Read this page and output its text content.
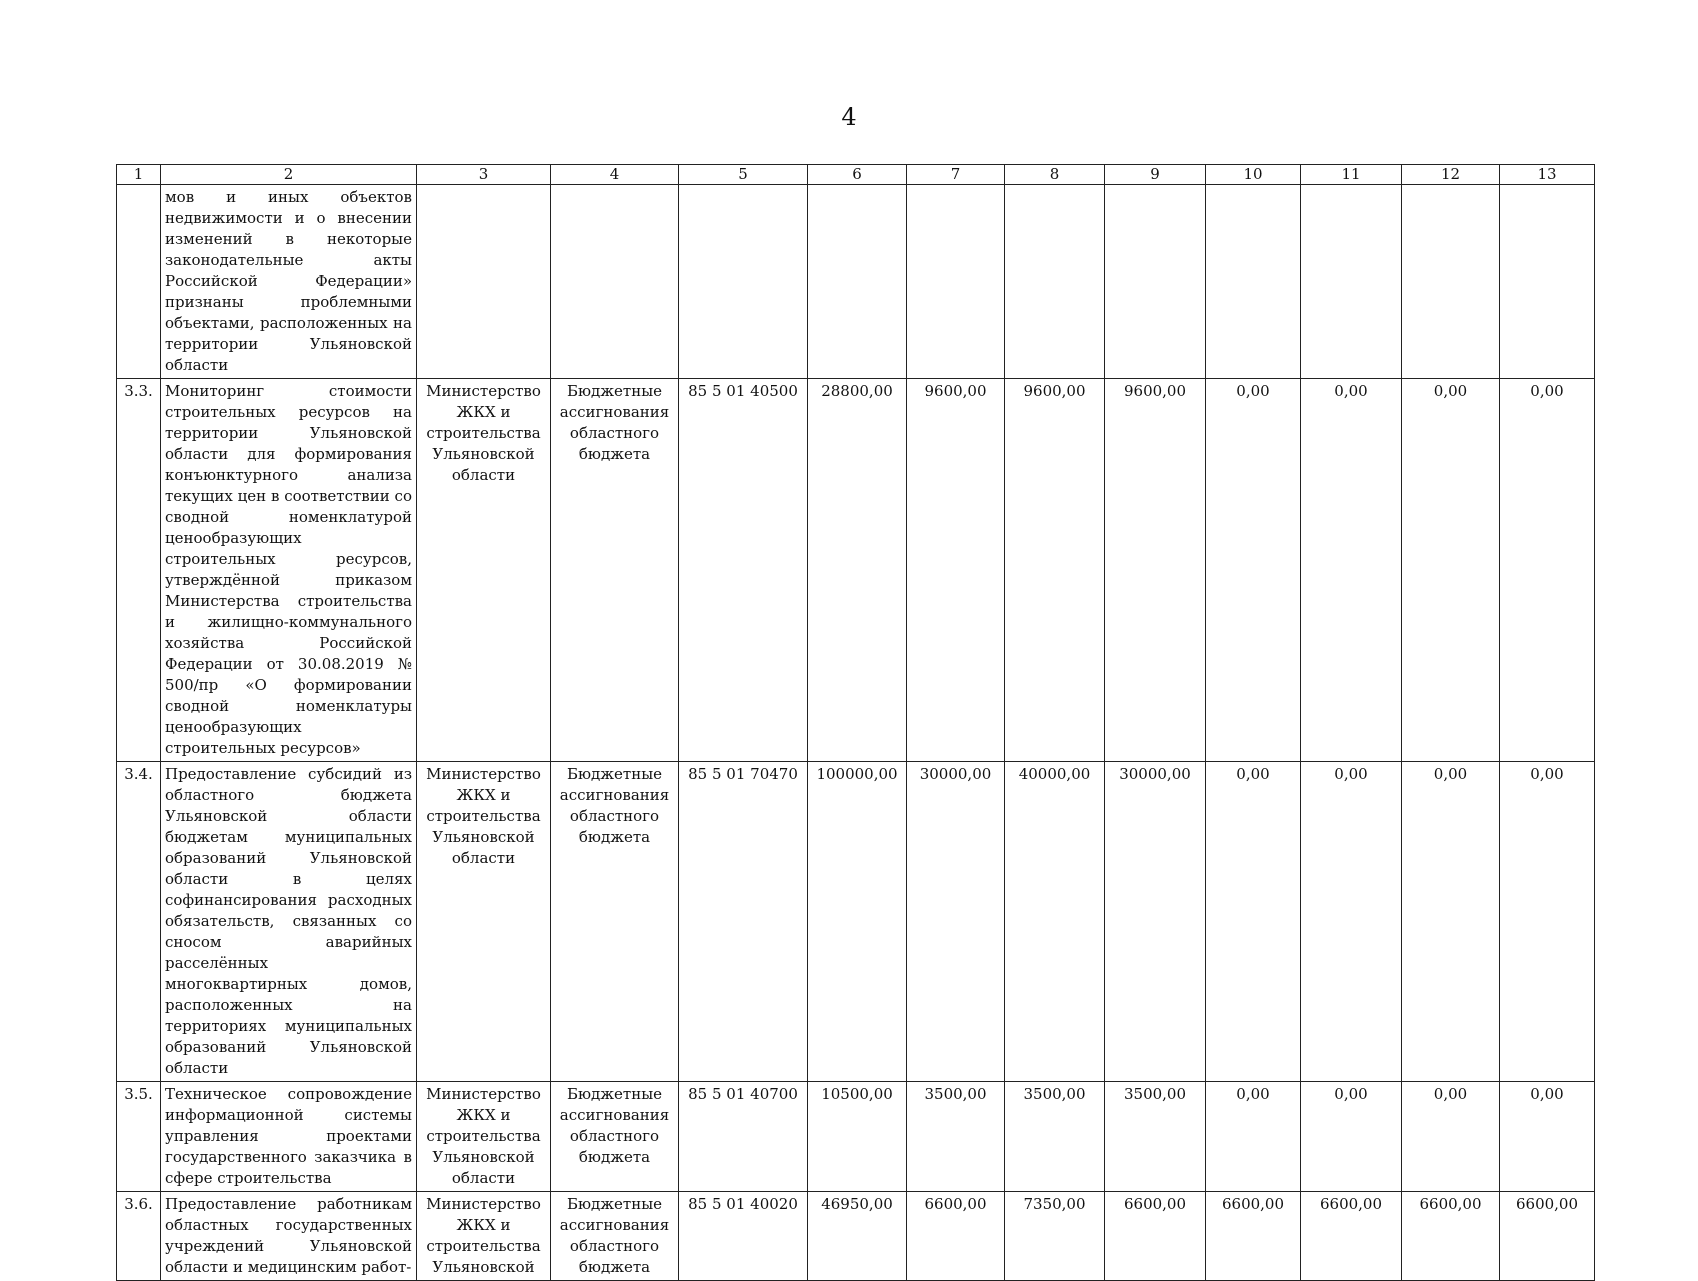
4
1	2	3	4	5	6	7	8	9	10	11	12	13
	мов и иных объектов недвижимости и о внесении изменений в некоторые законодательные акты Российской Федерации» признаны проблемными объектами, расположенных на территории Ульяновской области											
3.3.	Мониторинг стоимости строительных ресурсов на территории Ульяновской области для формирования конъюнктурного анализа текущих цен в соответствии со сводной номенклатурой ценообразующих строительных ресурсов, утверждённой приказом Министерства строительства и жилищно-коммунального хозяйства Российской Федерации от 30.08.2019 № 500/пр «О формировании сводной номенклатуры ценообразующих строительных ресурсов»	Министерство ЖКХ и строительства Ульяновской области	Бюджетные ассигнования областного бюджета	85 5 01 40500	28800,00	9600,00	9600,00	9600,00	0,00	0,00	0,00	0,00
3.4.	Предоставление субсидий из областного бюджета Ульяновской области бюджетам муниципальных образований Ульяновской области в целях софинансирования расходных обязательств, связанных со сносом аварийных расселённых многоквартирных домов, расположенных на территориях муниципальных образований Ульяновской области	Министерство ЖКХ и строительства Ульяновской области	Бюджетные ассигнования областного бюджета	85 5 01 70470	100000,00	30000,00	40000,00	30000,00	0,00	0,00	0,00	0,00
3.5.	Техническое сопровождение информационной системы управления проектами государственного заказчика в сфере строительства	Министерство ЖКХ и строительства Ульяновской области	Бюджетные ассигнования областного бюджета	85 5 01 40700	10500,00	3500,00	3500,00	3500,00	0,00	0,00	0,00	0,00
3.6.	Предоставление работникам областных государственных учреждений Ульяновской области и медицинским работ-	Министерство ЖКХ и строительства Ульяновской	Бюджетные ассигнования областного бюджета	85 5 01 40020	46950,00	6600,00	7350,00	6600,00	6600,00	6600,00	6600,00	6600,00
